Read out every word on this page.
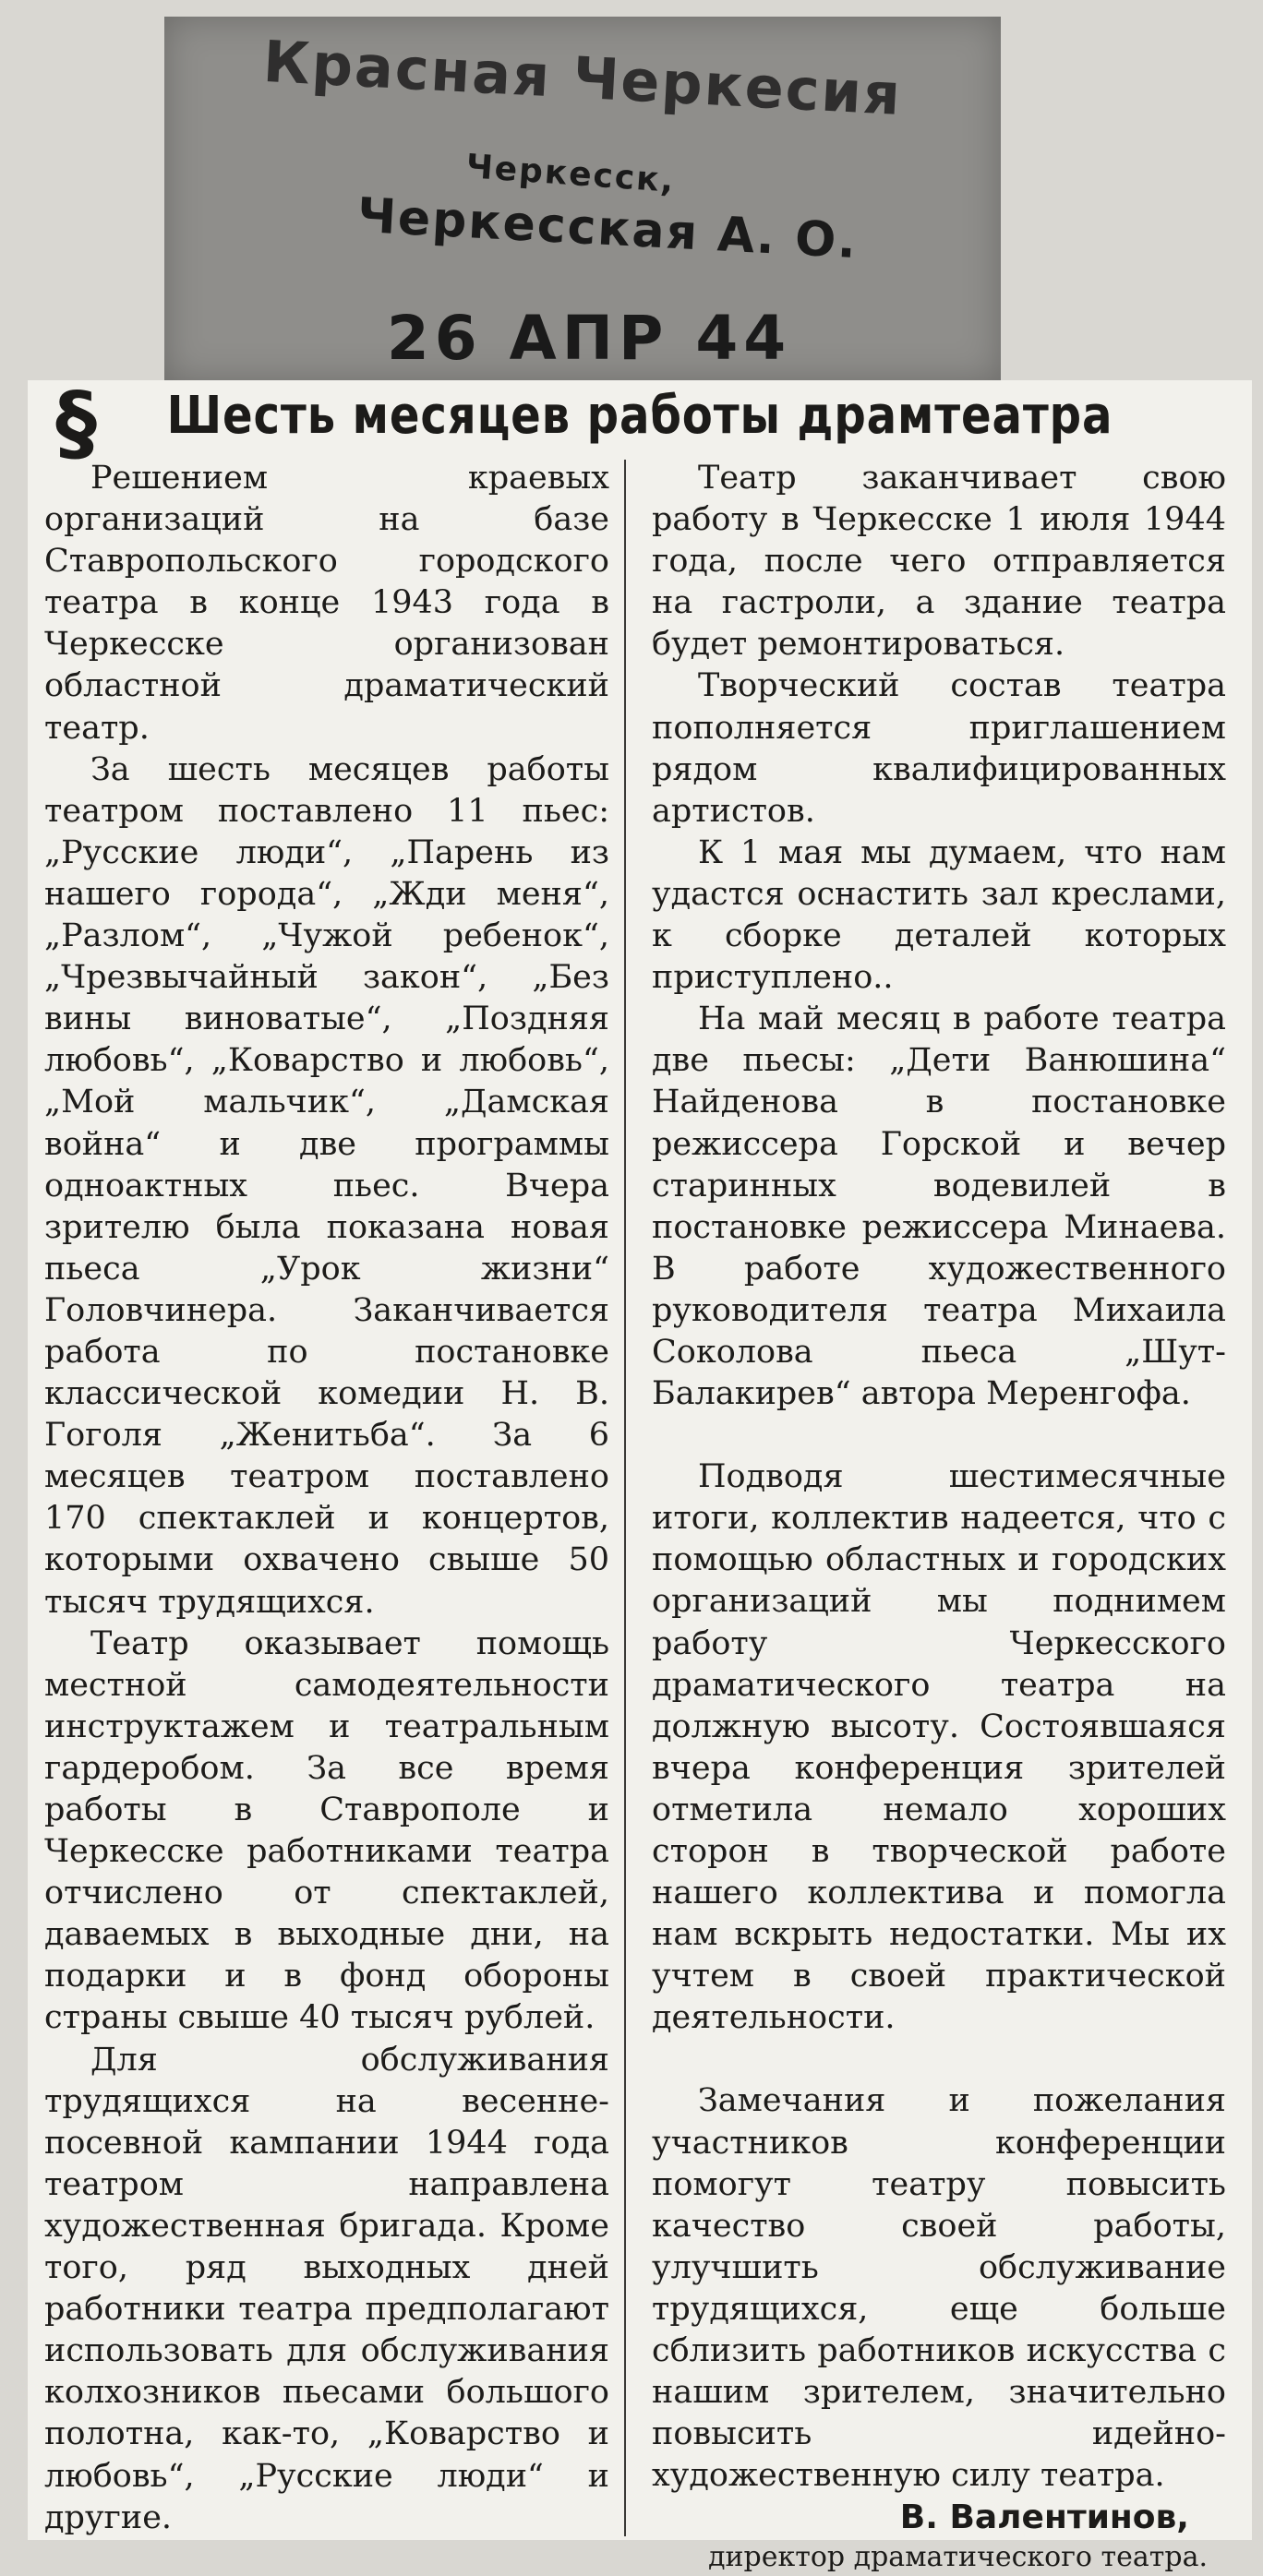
Красная Черкесия
Черкесск,
Черкесская А. О.
26 АПР 44
§	Шесть месяцев работы драмтеатра

Решением краевых организаций на базе Ставропольского городского театра в конце 1943 года в Черкесске организован областной драматический театр.

За шесть месяцев работы театром поставлено 11 пьес: „Русские люди“, „Парень из нашего города“, „Жди меня“, „Разлом“, „Чужой ребенок“, „Чрезвычайный закон“, „Без вины виноватые“, „Поздняя любовь“, „Коварство и любовь“, „Мой мальчик“, „Дамская война“ и две программы одноактных пьес. Вчера зрителю была показана новая пьеса „Урок жизни“ Головчинера. Заканчивается работа по постановке классической комедии Н. В. Гоголя „Женитьба“. За 6 месяцев театром поставлено 170 спектаклей и концертов, которыми охвачено свыше 50 тысяч трудящихся.

Театр оказывает помощь местной самодеятельности инструктажем и театральным гардеробом. За все время работы в Ставрополе и Черкесске работниками театра отчислено от спектаклей, даваемых в выходные дни, на подарки и в фонд обороны страны свыше 40 тысяч рублей.

Для обслуживания трудящихся на весенне-посевной кампании 1944 года театром направлена художественная бригада. Кроме того, ряд выходных дней работники театра предполагают использовать для обслуживания колхозников пьесами большого полотна, как-то, „Коварство и любовь“, „Русские люди“ и другие.

Театр заканчивает свою работу в Черкесске 1 июля 1944 года, после чего отправляется на гастроли, а здание театра будет ремонтироваться.

Творческий состав театра пополняется приглашением рядом квалифицированных артистов.

К 1 мая мы думаем, что нам удастся оснастить зал креслами, к сборке деталей которых приступлено..

На май месяц в работе театра две пьесы: „Дети Ванюшина“ Найденова в постановке режиссера Горской и вечер старинных водевилей в постановке режиссера Минаева. В работе художественного руководителя театра Михаила Соколова пьеса „Шут-Балакирев“ автора Меренгофа.

Подводя шестимесячные итоги, коллектив надеется, что с помощью областных и городских организаций мы поднимем работу Черкесского драматического театра на должную высоту. Состоявшаяся вчера конференция зрителей отметила немало хороших сторон в творческой работе нашего коллектива и помогла нам вскрыть недостатки. Мы их учтем в своей практической деятельности.

Замечания и пожелания участников конференции помогут театру повысить качество своей работы, улучшить обслуживание трудящихся, еще больше сблизить работников искусства с нашим зрителем, значительно повысить идейно-художественную силу театра.

В. Валентинов,

директор драматического театра.
